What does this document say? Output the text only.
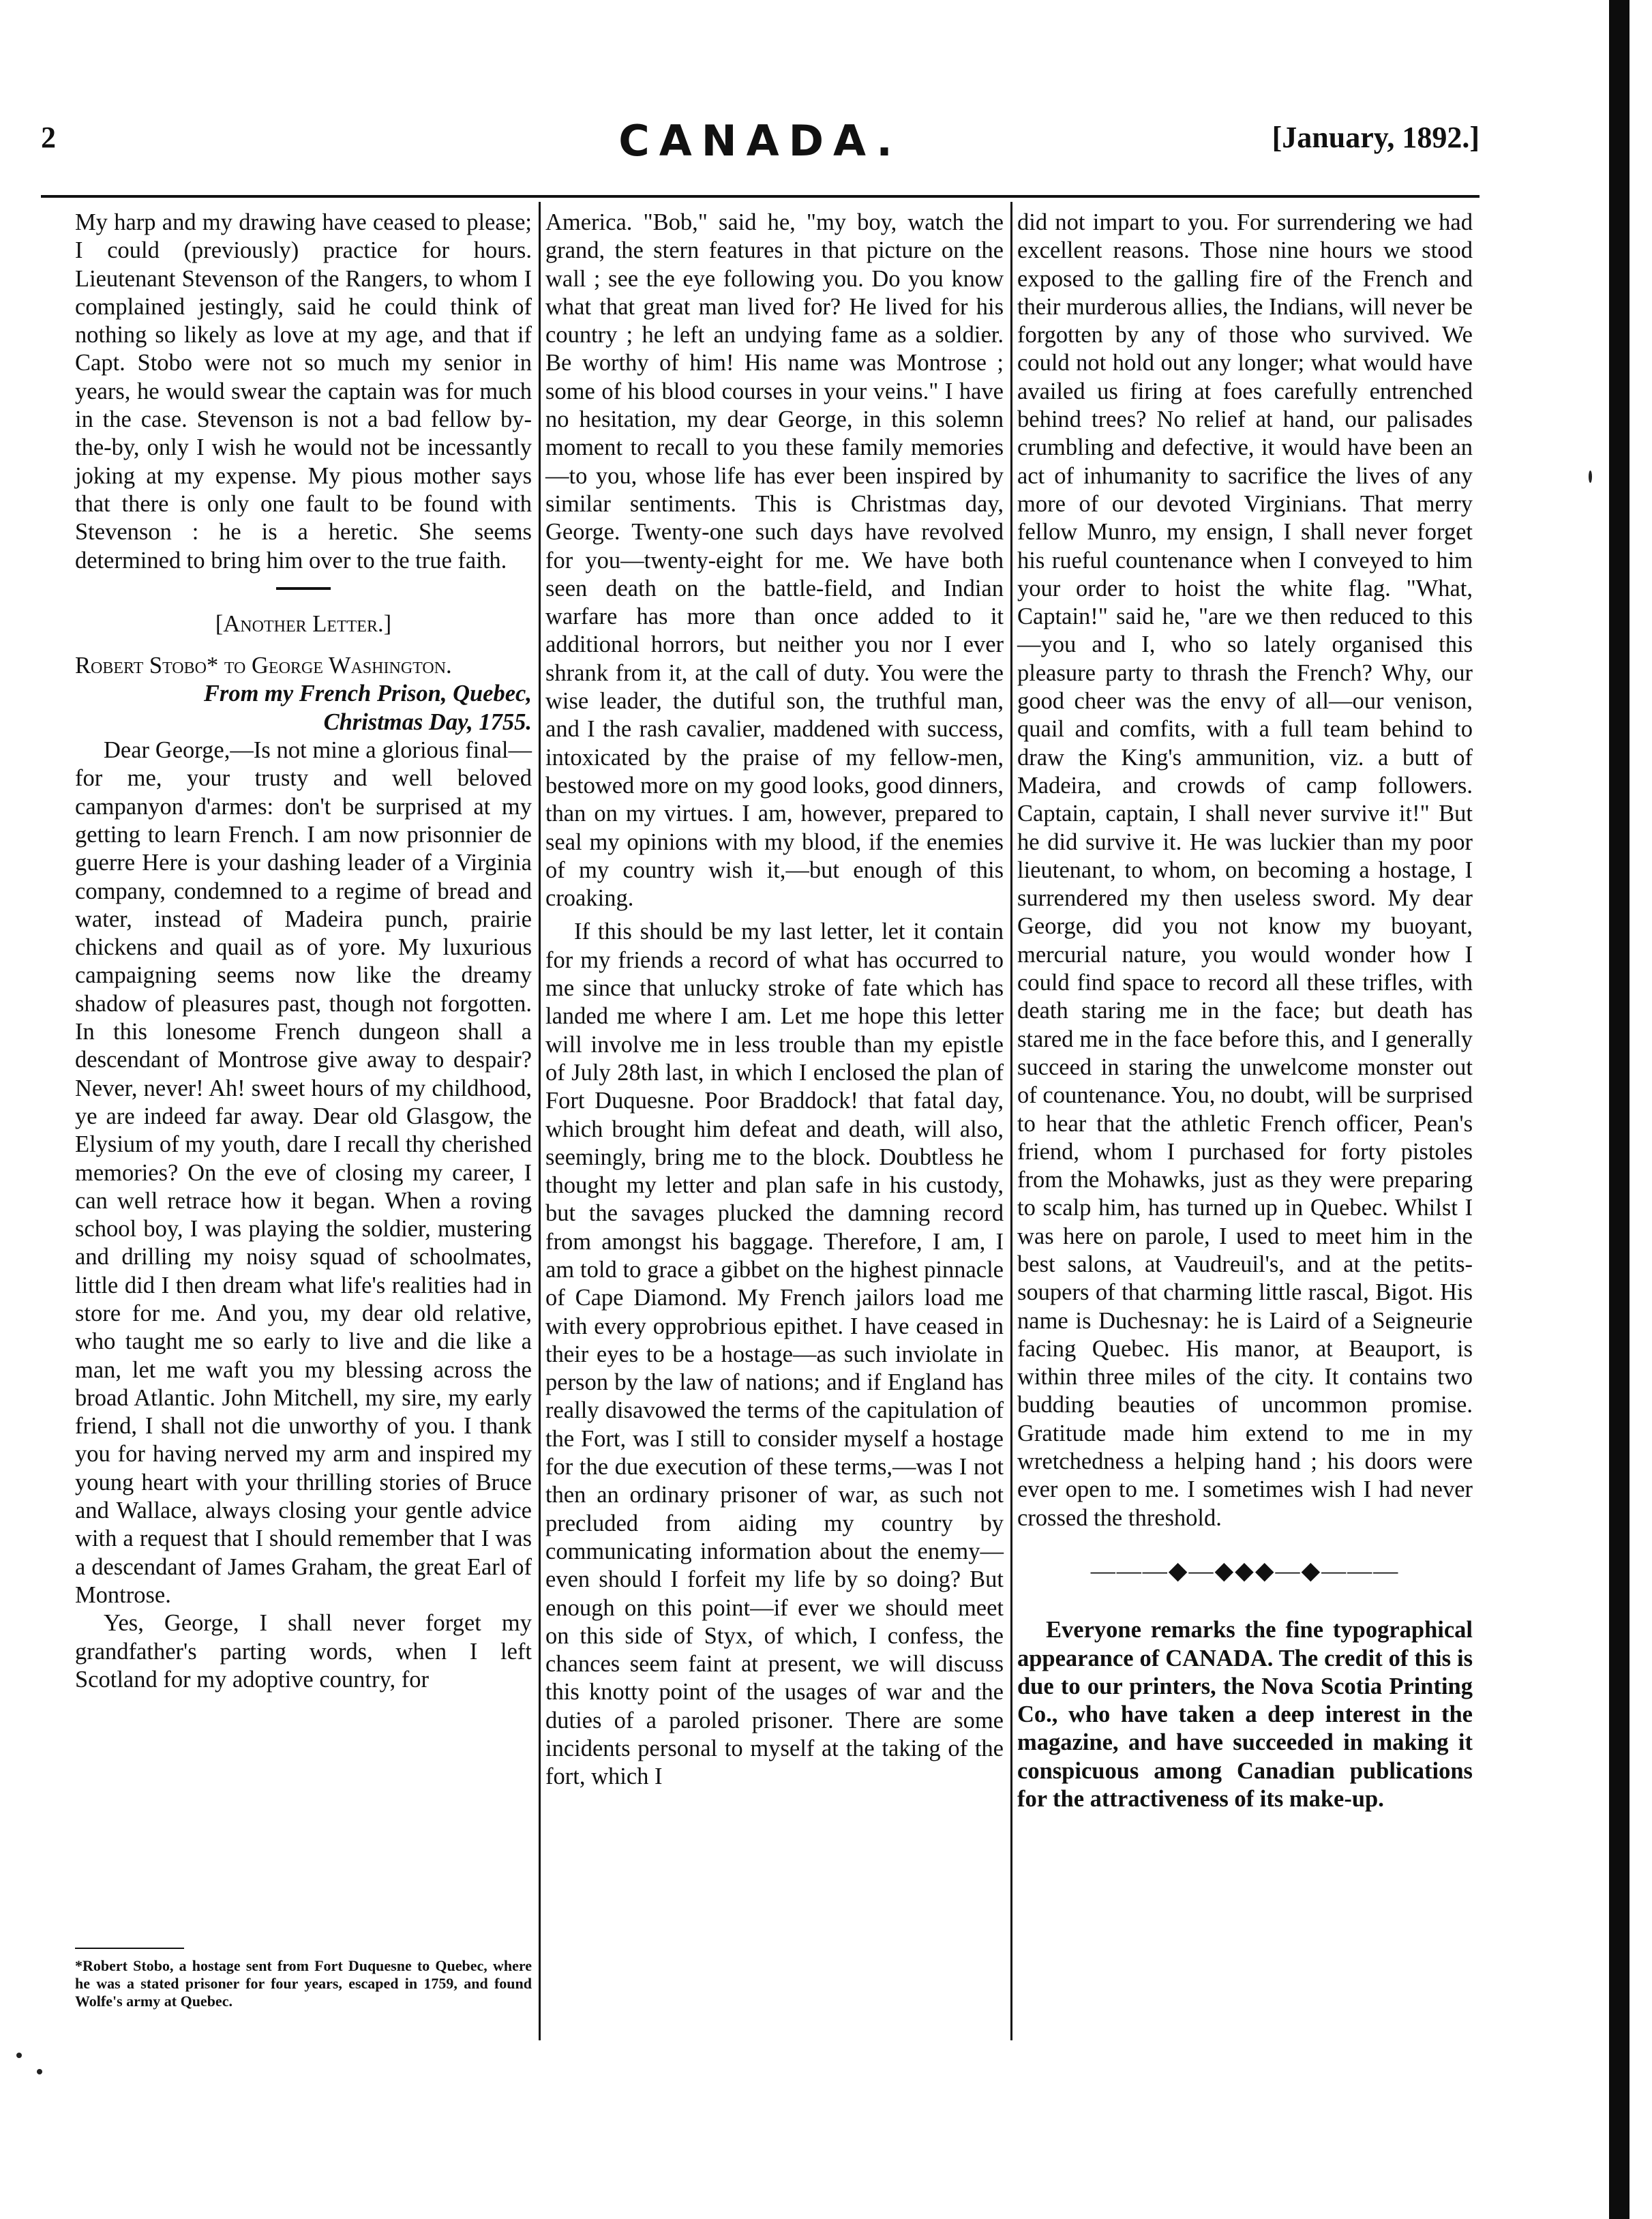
2	CANADA.	[January, 1892.]

My harp and my drawing have ceased to please; I could (previously) practice for hours. Lieutenant Stevenson of the Rangers, to whom I complained jestingly, said he could think of nothing so likely as love at my age, and that if Capt. Stobo were not so much my senior in years, he would swear the captain was for much in the case. Stevenson is not a bad fellow by-the-by, only I wish he would not be incessantly joking at my expense. My pious mother says that there is only one fault to be found with Stevenson : he is a heretic. She seems determined to bring him over to the true faith.

[Another Letter.]

Robert Stobo* to George Washington.

From my French Prison, Quebec,

Christmas Day, 1755.

Dear George,—Is not mine a glorious final—for me, your trusty and well beloved campanyon d'armes: don't be surprised at my getting to learn French. I am now prisonnier de guerre Here is your dashing leader of a Virginia company, condemned to a regime of bread and water, instead of Madeira punch, prairie chickens and quail as of yore. My luxurious campaigning seems now like the dreamy shadow of pleasures past, though not forgotten. In this lonesome French dungeon shall a descendant of Montrose give away to despair? Never, never! Ah! sweet hours of my childhood, ye are indeed far away. Dear old Glasgow, the Elysium of my youth, dare I recall thy cherished memories? On the eve of closing my career, I can well retrace how it began. When a roving school boy, I was playing the soldier, mustering and drilling my noisy squad of schoolmates, little did I then dream what life's realities had in store for me. And you, my dear old relative, who taught me so early to live and die like a man, let me waft you my blessing across the broad Atlantic. John Mitchell, my sire, my early friend, I shall not die unworthy of you. I thank you for having nerved my arm and inspired my young heart with your thrilling stories of Bruce and Wallace, always closing your gentle advice with a request that I should remember that I was a descendant of James Graham, the great Earl of Montrose.

Yes, George, I shall never forget my grandfather's parting words, when I left Scotland for my adoptive country, for

*Robert Stobo, a hostage sent from Fort Duquesne to Quebec, where he was a stated prisoner for four years, escaped in 1759, and found Wolfe's army at Quebec.

America. "Bob," said he, "my boy, watch the grand, the stern features in that picture on the wall ; see the eye following you. Do you know what that great man lived for? He lived for his country ; he left an undying fame as a soldier. Be worthy of him! His name was Montrose ; some of his blood courses in your veins." I have no hesitation, my dear George, in this solemn moment to recall to you these family memories—to you, whose life has ever been inspired by similar sentiments. This is Christmas day, George. Twenty-one such days have revolved for you—twenty-eight for me. We have both seen death on the battle-field, and Indian warfare has more than once added to it additional horrors, but neither you nor I ever shrank from it, at the call of duty. You were the wise leader, the dutiful son, the truthful man, and I the rash cavalier, maddened with success, intoxicated by the praise of my fellow-men, bestowed more on my good looks, good dinners, than on my virtues. I am, however, prepared to seal my opinions with my blood, if the enemies of my country wish it,—but enough of this croaking.

If this should be my last letter, let it contain for my friends a record of what has occurred to me since that unlucky stroke of fate which has landed me where I am. Let me hope this letter will involve me in less trouble than my epistle of July 28th last, in which I enclosed the plan of Fort Duquesne. Poor Braddock! that fatal day, which brought him defeat and death, will also, seemingly, bring me to the block. Doubtless he thought my letter and plan safe in his custody, but the savages plucked the damning record from amongst his baggage. Therefore, I am, I am told to grace a gibbet on the highest pinnacle of Cape Diamond. My French jailors load me with every opprobrious epithet. I have ceased in their eyes to be a hostage—as such inviolate in person by the law of nations; and if England has really disavowed the terms of the capitulation of the Fort, was I still to consider myself a hostage for the due execution of these terms,—was I not then an ordinary prisoner of war, as such not precluded from aiding my country by communicating information about the enemy—even should I forfeit my life by so doing? But enough on this point—if ever we should meet on this side of Styx, of which, I confess, the chances seem faint at present, we will discuss this knotty point of the usages of war and the duties of a paroled prisoner. There are some incidents personal to myself at the taking of the fort, which I

did not impart to you. For surrendering we had excellent reasons. Those nine hours we stood exposed to the galling fire of the French and their murderous allies, the Indians, will never be forgotten by any of those who survived. We could not hold out any longer; what would have availed us firing at foes carefully entrenched behind trees? No relief at hand, our palisades crumbling and defective, it would have been an act of inhumanity to sacrifice the lives of any more of our devoted Virginians. That merry fellow Munro, my ensign, I shall never forget his rueful countenance when I conveyed to him your order to hoist the white flag. "What, Captain!" said he, "are we then reduced to this—you and I, who so lately organised this pleasure party to thrash the French? Why, our good cheer was the envy of all—our venison, quail and comfits, with a full team behind to draw the King's ammunition, viz. a butt of Madeira, and crowds of camp followers. Captain, captain, I shall never survive it!" But he did survive it. He was luckier than my poor lieutenant, to whom, on becoming a hostage, I surrendered my then useless sword. My dear George, did you not know my buoyant, mercurial nature, you would wonder how I could find space to record all these trifles, with death staring me in the face; but death has stared me in the face before this, and I generally succeed in staring the unwelcome monster out of countenance. You, no doubt, will be surprised to hear that the athletic French officer, Pean's friend, whom I purchased for forty pistoles from the Mohawks, just as they were preparing to scalp him, has turned up in Quebec. Whilst I was here on parole, I used to meet him in the best salons, at Vaudreuil's, and at the petits-soupers of that charming little rascal, Bigot. His name is Duchesnay: he is Laird of a Seigneurie facing Quebec. His manor, at Beauport, is within three miles of the city. It contains two budding beauties of uncommon promise. Gratitude made him extend to me in my wretchedness a helping hand ; his doors were ever open to me. I sometimes wish I had never crossed the threshold.

———◆—◆◆◆—◆———

Everyone remarks the fine typographical appearance of CANADA. The credit of this is due to our printers, the Nova Scotia Printing Co., who have taken a deep interest in the magazine, and have succeeded in making it conspicuous among Canadian publications for the attractiveness of its make-up.
